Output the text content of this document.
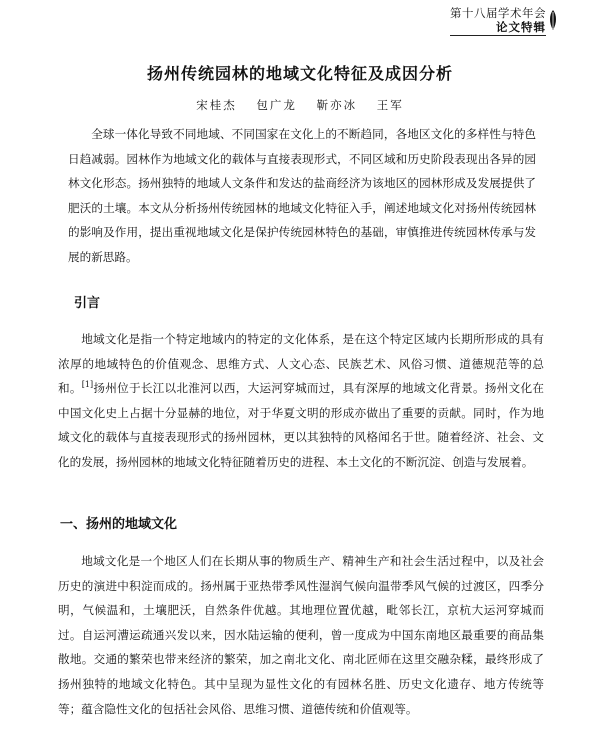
第十八届学术年会
论文特辑
扬州传统园林的地域文化特征及成因分析
宋桂杰 包广龙 靳亦冰 王军

全球一体化导致不同地域、不同国家在文化上的不断趋同，各地区文化的多样性与特色日趋减弱。园林作为地域文化的载体与直接表现形式，不同区域和历史阶段表现出各异的园林文化形态。扬州独特的地域人文条件和发达的盐商经济为该地区的园林形成及发展提供了肥沃的土壤。本文从分析扬州传统园林的地域文化特征入手，阐述地域文化对扬州传统园林的影响及作用，提出重视地域文化是保护传统园林特色的基础，审慎推进传统园林传承与发展的新思路。

引言

地域文化是指一个特定地域内的特定的文化体系，是在这个特定区域内长期所形成的具有浓厚的地域特色的价值观念、思维方式、人文心态、民族艺术、风俗习惯、道德规范等的总和。[1]扬州位于长江以北淮河以西，大运河穿城而过，具有深厚的地域文化背景。扬州文化在中国文化史上占据十分显赫的地位，对于华夏文明的形成亦做出了重要的贡献。同时，作为地域文化的载体与直接表现形式的扬州园林，更以其独特的风格闻名于世。随着经济、社会、文化的发展，扬州园林的地域文化特征随着历史的进程、本土文化的不断沉淀、创造与发展着。

一、扬州的地域文化

地域文化是一个地区人们在长期从事的物质生产、精神生产和社会生活过程中，以及社会历史的演进中积淀而成的。扬州属于亚热带季风性湿润气候向温带季风气候的过渡区，四季分明，气候温和，土壤肥沃，自然条件优越。其地理位置优越，毗邻长江，京杭大运河穿城而过。自运河漕运疏通兴发以来，因水陆运输的便利，曾一度成为中国东南地区最重要的商品集散地。交通的繁荣也带来经济的繁荣，加之南北文化、南北匠师在这里交融杂糅，最终形成了扬州独特的地域文化特色。其中呈现为显性文化的有园林名胜、历史文化遗存、地方传统等等；蕴含隐性文化的包括社会风俗、思维习惯、道德传统和价值观等。
